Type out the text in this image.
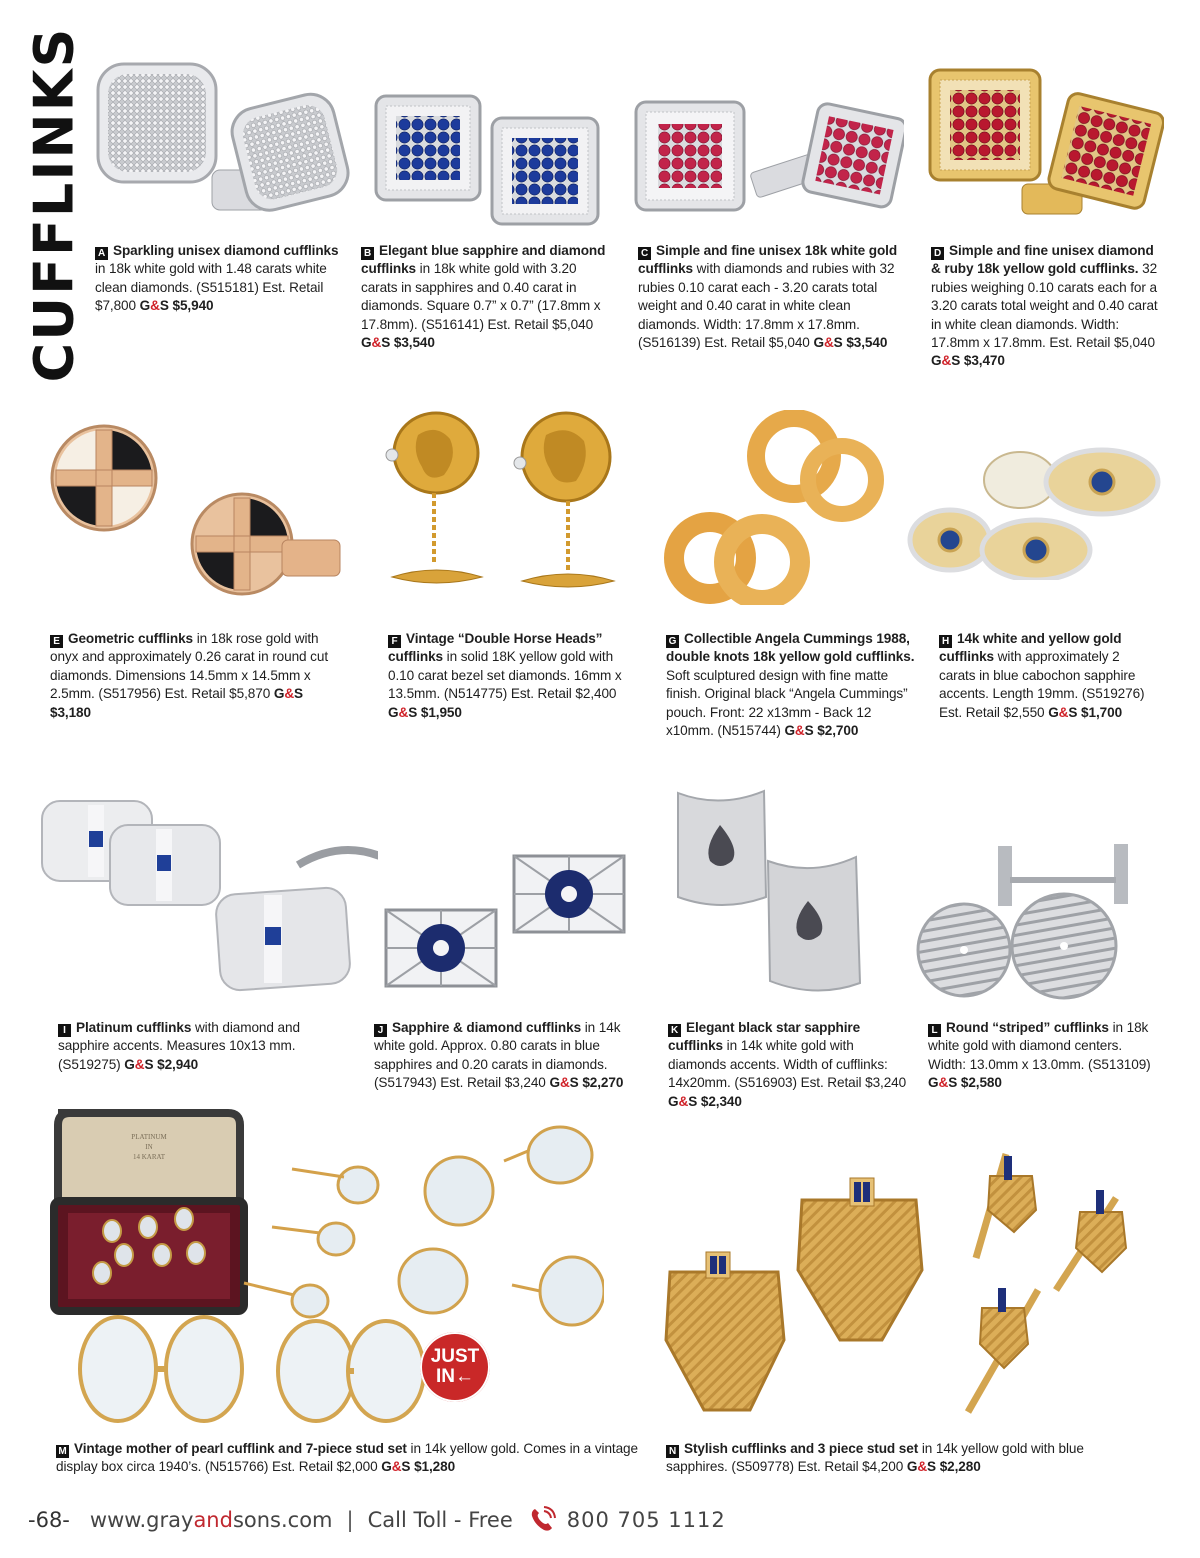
CUFFLINKS A Sparkling unisex diamond cufflinks in 18k white gold with 1.48 carats white clean diamonds. (S515181) Est. Retail $7,800 G&S $5,940
B Elegant blue sapphire and diamond cufflinks in 18k white gold with 3.20 carats in sapphires and 0.40 carat in diamonds. Square 0.7” x 0.7” (17.8mm x 17.8mm). (S516141) Est. Retail $5,040 G&S $3,540
C Simple and fine unisex 18k white gold cufflinks with diamonds and rubies with 32 rubies 0.10 carat each - 3.20 carats total weight and 0.40 carat in white clean diamonds. Width: 17.8mm x 17.8mm. (S516139) Est. Retail $5,040 G&S $3,540
D Simple and fine unisex diamond & ruby 18k yellow gold cufflinks. 32 rubies weighing 0.10 carats each for a 3.20 carats total weight and 0.40 carat in white clean diamonds. Width: 17.8mm x 17.8mm. Est. Retail $5,040 G&S $3,470
E Geometric cufflinks in 18k rose gold with onyx and approximately 0.26 carat in round cut diamonds. Dimensions 14.5mm x 14.5mm x 2.5mm. (S517956) Est. Retail $5,870 G&S $3,180
F Vintage “Double Horse Heads” cufflinks in solid 18K yellow gold with 0.10 carat bezel set diamonds. 16mm x 13.5mm. (N514775) Est. Retail $2,400 G&S $1,950
G Collectible Angela Cummings 1988, double knots 18k yellow gold cufflinks. Soft sculptured design with fine matte finish. Original black “Angela Cummings” pouch. Front: 22 x13mm - Back 12 x10mm. (N515744) G&S $2,700
H 14k white and yellow gold cufflinks with approximately 2 carats in blue cabochon sapphire accents. Length 19mm. (S519276) Est. Retail $2,550 G&S $1,700
I Platinum cufflinks with diamond and sapphire accents. Measures 10x13 mm. (S519275) G&S $2,940
J Sapphire & diamond cufflinks in 14k white gold. Approx. 0.80 carats in blue sapphires and 0.20 carats in diamonds. (S517943) Est. Retail $3,240 G&S $2,270
K Elegant black star sapphire cufflinks in 14k white gold with diamonds accents. Width of cufflinks: 14x20mm. (S516903) Est. Retail $3,240 G&S $2,340
L Round “striped” cufflinks in 18k white gold with diamond centers. Width: 13.0mm x 13.0mm. (S513109) G&S $2,580
PLATINUM
IN
14 KARAT
JUST
IN←
M Vintage mother of pearl cufflink and 7-piece stud set in 14k yellow gold. Comes in a vintage display box circa 1940’s. (N515766) Est. Retail $2,000 G&S $1,280
N Stylish cufflinks and 3 piece stud set in 14k yellow gold with blue sapphires. (S509778) Est. Retail $4,200 G&S $2,280
-68- www.grayandsons.com | Call Toll - Free	800 705 1112
